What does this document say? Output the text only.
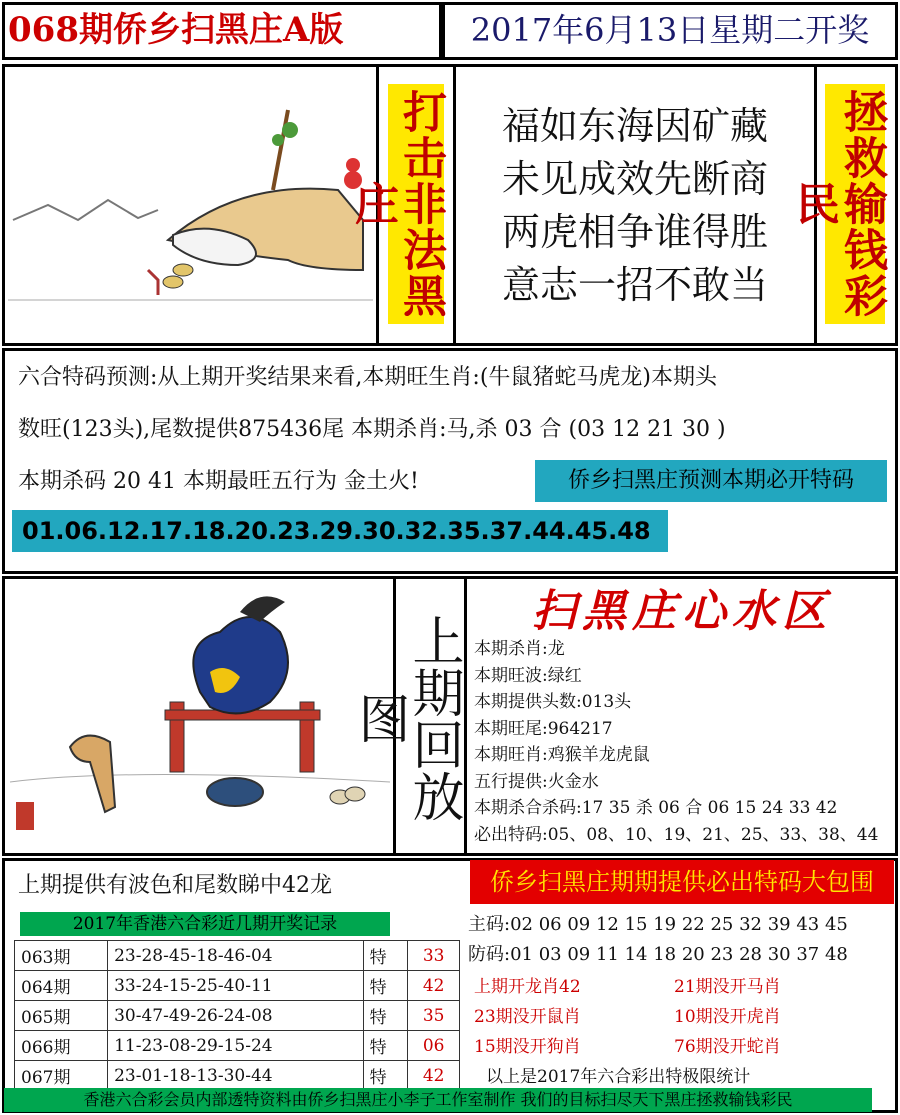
068期侨乡扫黑庄A版	2017年6月13日星期二开奖
打击非法黑庄
福如东海因矿藏
未见成效先断商
两虎相争谁得胜
意志一招不敢当	拯救输钱彩民
六合特码预测:从上期开奖结果来看,本期旺生肖:(牛鼠猪蛇马虎龙)本期头
数旺(123头),尾数提供875436尾 本期杀肖:马,杀 03 合 (03 12 21 30 )
本期杀码 20 41 本期最旺五行为 金土火!	侨乡扫黑庄预测本期必开特码
01.06.12.17.18.20.23.29.30.32.35.37.44.45.48
上期回放图
扫黑庄心水区
本期杀肖:龙
本期旺波:绿红
本期提供头数:013头
本期旺尾:964217
本期旺肖:鸡猴羊龙虎鼠
五行提供:火金水
本期杀合杀码:17 35 杀 06 合 06 15 24 33 42
必出特码:05、08、10、19、21、25、33、38、44
上期提供有波色和尾数睇中42龙	侨乡扫黑庄期期提供必出特码大包围
2017年香港六合彩近几期开奖记录
063期	23-28-45-18-46-04	特	33
064期	33-24-15-25-40-11	特	42
065期	30-47-49-26-24-08	特	35
066期	11-23-08-29-15-24	特	06
067期	23-01-18-13-30-44	特	42
主码:02 06 09 12 15 19 22 25 32 39 43 45
防码:01 03 09 11 14 18 20 23 28 30 37 48
上期开龙肖42	21期没开马肖
23期没开鼠肖	10期没开虎肖
15期没开狗肖	76期没开蛇肖
以上是2017年六合彩出特极限统计
香港六合彩会员内部透特资料由侨乡扫黑庄小李子工作室制作 我们的目标扫尽天下黑庄拯救输钱彩民
